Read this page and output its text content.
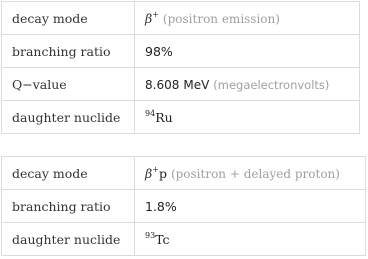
decay mode	β+ (positron emission)
branching ratio	98%
Q−value	8.608 MeV (megaelectronvolts)
daughter nuclide	$^{94}$Ru
decay mode	β+p (positron + delayed proton)
branching ratio	1.8%
daughter nuclide	$^{93}$Tc
